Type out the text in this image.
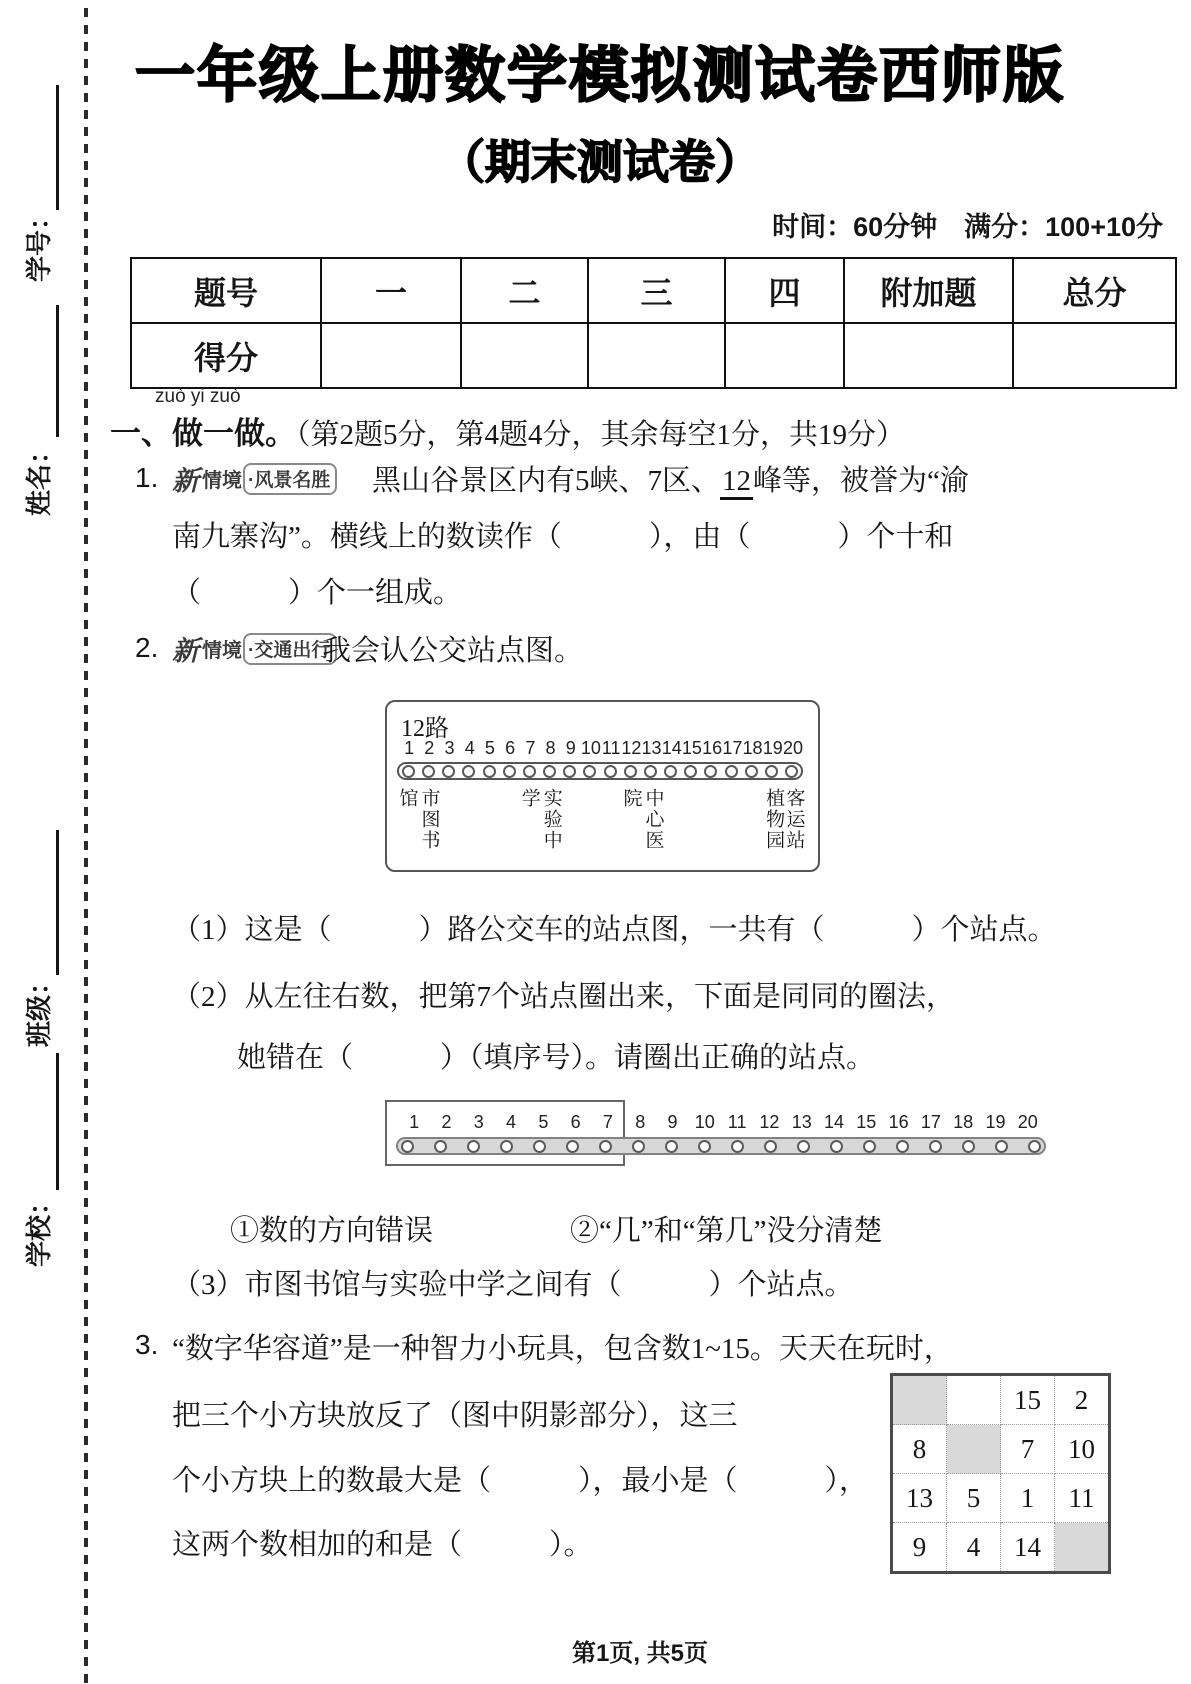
学号：
姓名：
班级：
学校：
一年级上册数学模拟测试卷西师版
（期末测试卷）
时间：60分钟　满分：100+10分
题号	一	二	三	四	附加题	总分
得分						
zuò yi zuò
一、做一做。（第2题5分，第4题4分，其余每空1分，共19分）
1. 新 情境 ·风景名胜 黑山谷景区内有5峡、7区、12峰等，被誉为“渝
南九寨沟”。横线上的数读作（　　　），由（　　　）个十和
（　　　）个一组成。
2. 新 情境 ·交通出行
我会认公交站点图。
12路
1 2 3 4 5 6 7 8 9 10 11 12 13 14 15 16 17 18 19 20
市图书馆	实验中学	中心医院	植物园 客运站
（1）这是（　　　）路公交车的站点图，一共有（　　　）个站点。
（2）从左往右数，把第7个站点圈出来，下面是同同的圈法，
她错在（　　　）（填序号）。请圈出正确的站点。
1	2	3	4	5	6	7	8	9 10 11 12 13 14 15 16 17 18 19 20
①数的方向错误	②“几”和“第几”没分清楚
（3）市图书馆与实验中学之间有（　　　）个站点。
3. “数字华容道”是一种智力小玩具，包含数1~15。天天在玩时，
把三个小方块放反了（图中阴影部分），这三
个小方块上的数最大是（　　　），最小是（　　　），
这两个数相加的和是（　　　）。
		15	2
8		7	10
13	5	1	11
9	4	14	
第1页, 共5页
